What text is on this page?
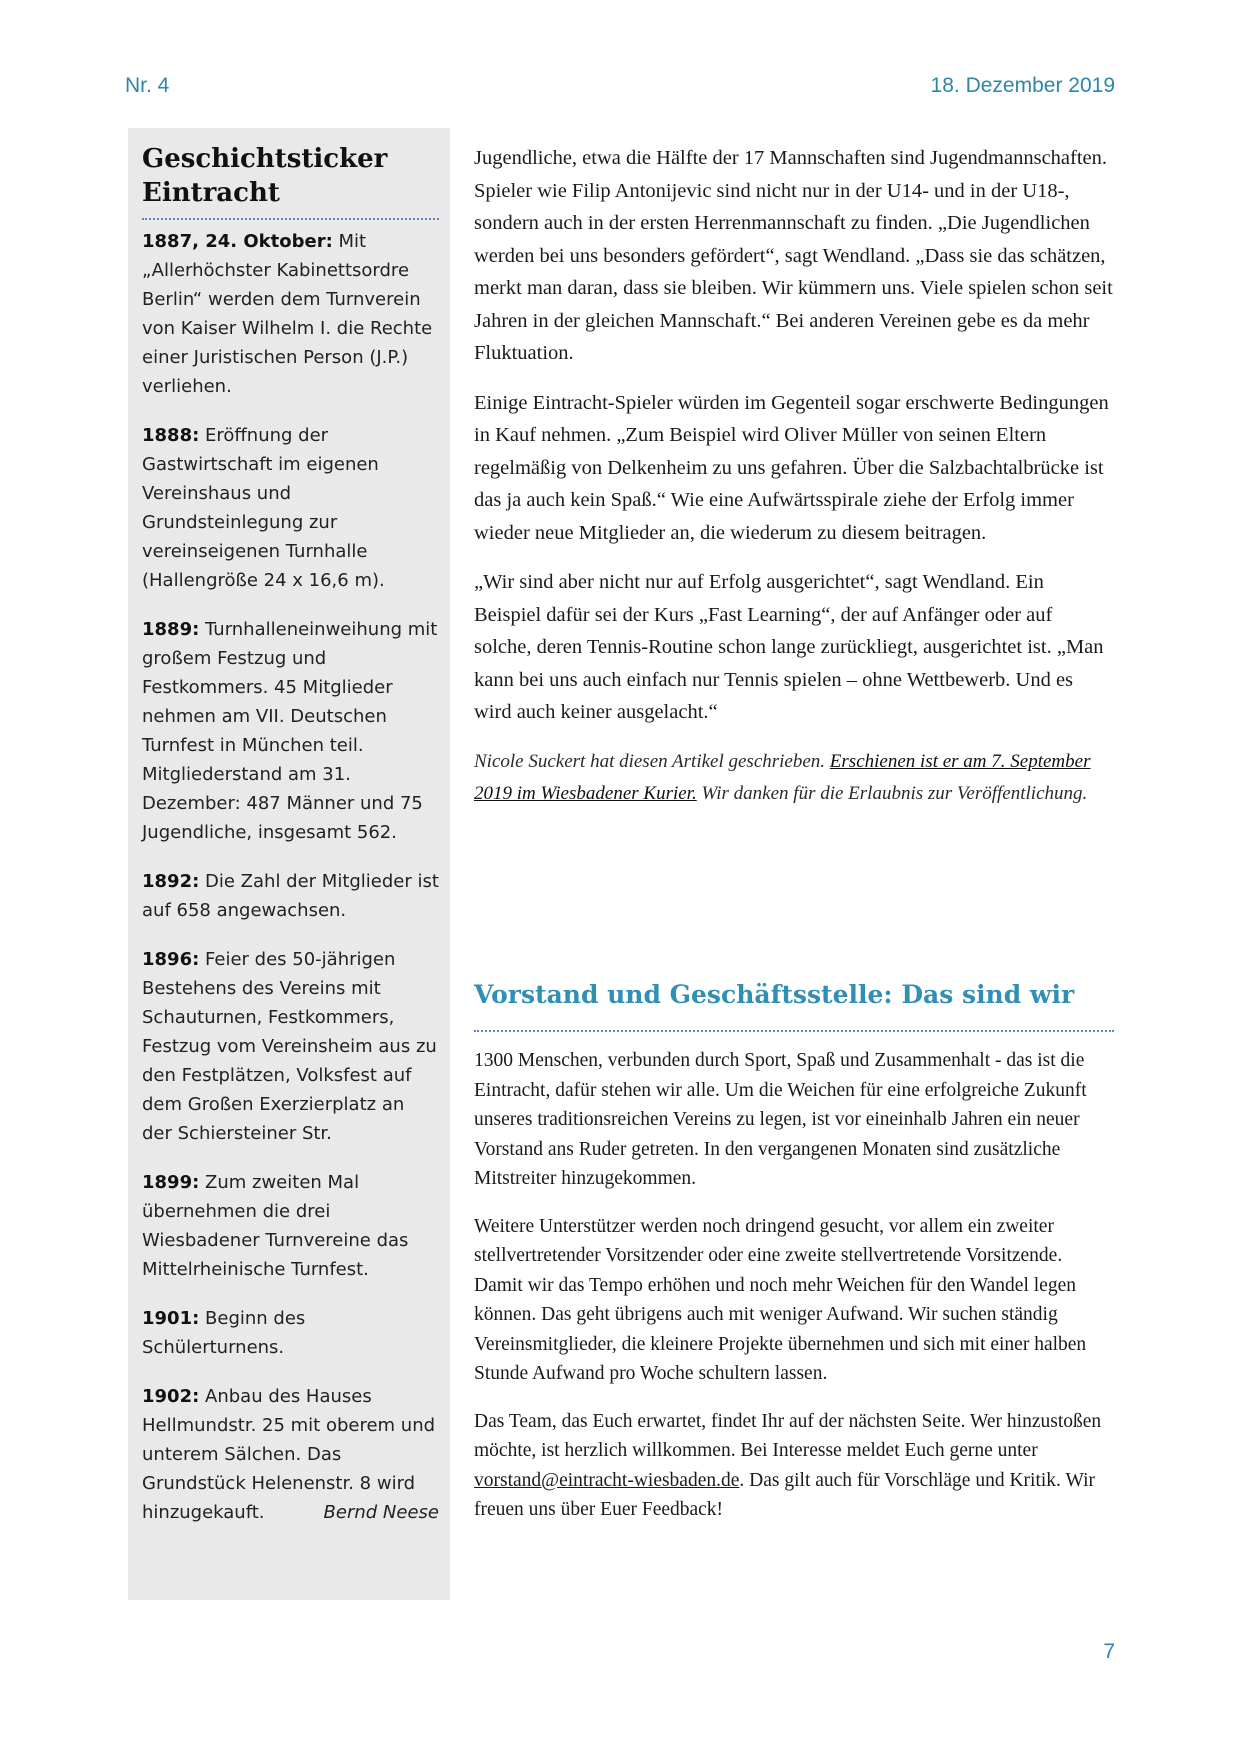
Nr. 4	18. Dezember 2019
Geschichtsticker Eintracht
1887, 24. Oktober: Mit „Allerhöchster Kabinettsordre Berlin“ werden dem Turnverein von Kaiser Wilhelm I. die Rechte einer Juristischen Person (J.P.) verliehen.
1888: Eröffnung der Gastwirtschaft im eigenen Vereinshaus und Grundsteinlegung zur vereinseigenen Turnhalle (Hallengröße 24 x 16,6 m).
1889: Turnhalleneinweihung mit großem Festzug und Festkommers. 45 Mitglieder nehmen am VII. Deutschen Turnfest in München teil. Mitgliederstand am 31. Dezember: 487 Männer und 75 Jugendliche, insgesamt 562.
1892: Die Zahl der Mitglieder ist auf 658 angewachsen.
1896: Feier des 50-jährigen Bestehens des Vereins mit Schauturnen, Festkommers, Festzug vom Vereinsheim aus zu den Festplätzen, Volksfest auf dem Großen Exerzierplatz an der Schiersteiner Str.
1899: Zum zweiten Mal übernehmen die drei Wiesbadener Turnvereine das Mittelrheinische Turnfest.
1901: Beginn des Schülerturnens.
1902: Anbau des Hauses Hellmundstr. 25 mit oberem und unterem Sälchen. Das Grundstück Helenenstr. 8 wird hinzugekauft.	Bernd Neese

Jugendliche, etwa die Hälfte der 17 Mannschaften sind Jugendmannschaften. Spieler wie Filip Antonijevic sind nicht nur in der U14- und in der U18-, sondern auch in der ersten Herrenmannschaft zu finden. „Die Jugendlichen werden bei uns besonders gefördert“, sagt Wendland. „Dass sie das schätzen, merkt man daran, dass sie bleiben. Wir kümmern uns. Viele spielen schon seit Jahren in der gleichen Mannschaft.“ Bei anderen Vereinen gebe es da mehr Fluktuation.

Einige Eintracht-Spieler würden im Gegenteil sogar erschwerte Bedingungen in Kauf nehmen. „Zum Beispiel wird Oliver Müller von seinen Eltern regelmäßig von Delkenheim zu uns gefahren. Über die Salzbachtalbrücke ist das ja auch kein Spaß.“ Wie eine Aufwärtsspirale ziehe der Erfolg immer wieder neue Mitglieder an, die wiederum zu diesem beitragen.

„Wir sind aber nicht nur auf Erfolg ausgerichtet“, sagt Wendland. Ein Beispiel dafür sei der Kurs „Fast Learning“, der auf Anfänger oder auf solche, deren Tennis-Routine schon lange zurückliegt, ausgerichtet ist. „Man kann bei uns auch einfach nur Tennis spielen – ohne Wettbewerb. Und es wird auch keiner ausgelacht.“

Nicole Suckert hat diesen Artikel geschrieben. Erschienen ist er am 7. September 2019 im Wiesbadener Kurier. Wir danken für die Erlaubnis zur Veröffentlichung.

Vorstand und Geschäftsstelle: Das sind wir

1300 Menschen, verbunden durch Sport, Spaß und Zusammenhalt - das ist die Eintracht, dafür stehen wir alle. Um die Weichen für eine erfolgreiche Zukunft unseres traditionsreichen Vereins zu legen, ist vor eineinhalb Jahren ein neuer Vorstand ans Ruder getreten. In den vergangenen Monaten sind zusätzliche Mitstreiter hinzugekommen.

Weitere Unterstützer werden noch dringend gesucht, vor allem ein zweiter stellvertretender Vorsitzender oder eine zweite stellvertretende Vorsitzende. Damit wir das Tempo erhöhen und noch mehr Weichen für den Wandel legen können. Das geht übrigens auch mit weniger Aufwand. Wir suchen ständig Vereinsmitglieder, die kleinere Projekte übernehmen und sich mit einer halben Stunde Aufwand pro Woche schultern lassen.

Das Team, das Euch erwartet, findet Ihr auf der nächsten Seite. Wer hinzustoßen möchte, ist herzlich willkommen. Bei Interesse meldet Euch gerne unter vorstand@eintracht-wiesbaden.de. Das gilt auch für Vorschläge und Kritik. Wir freuen uns über Euer Feedback!

7
